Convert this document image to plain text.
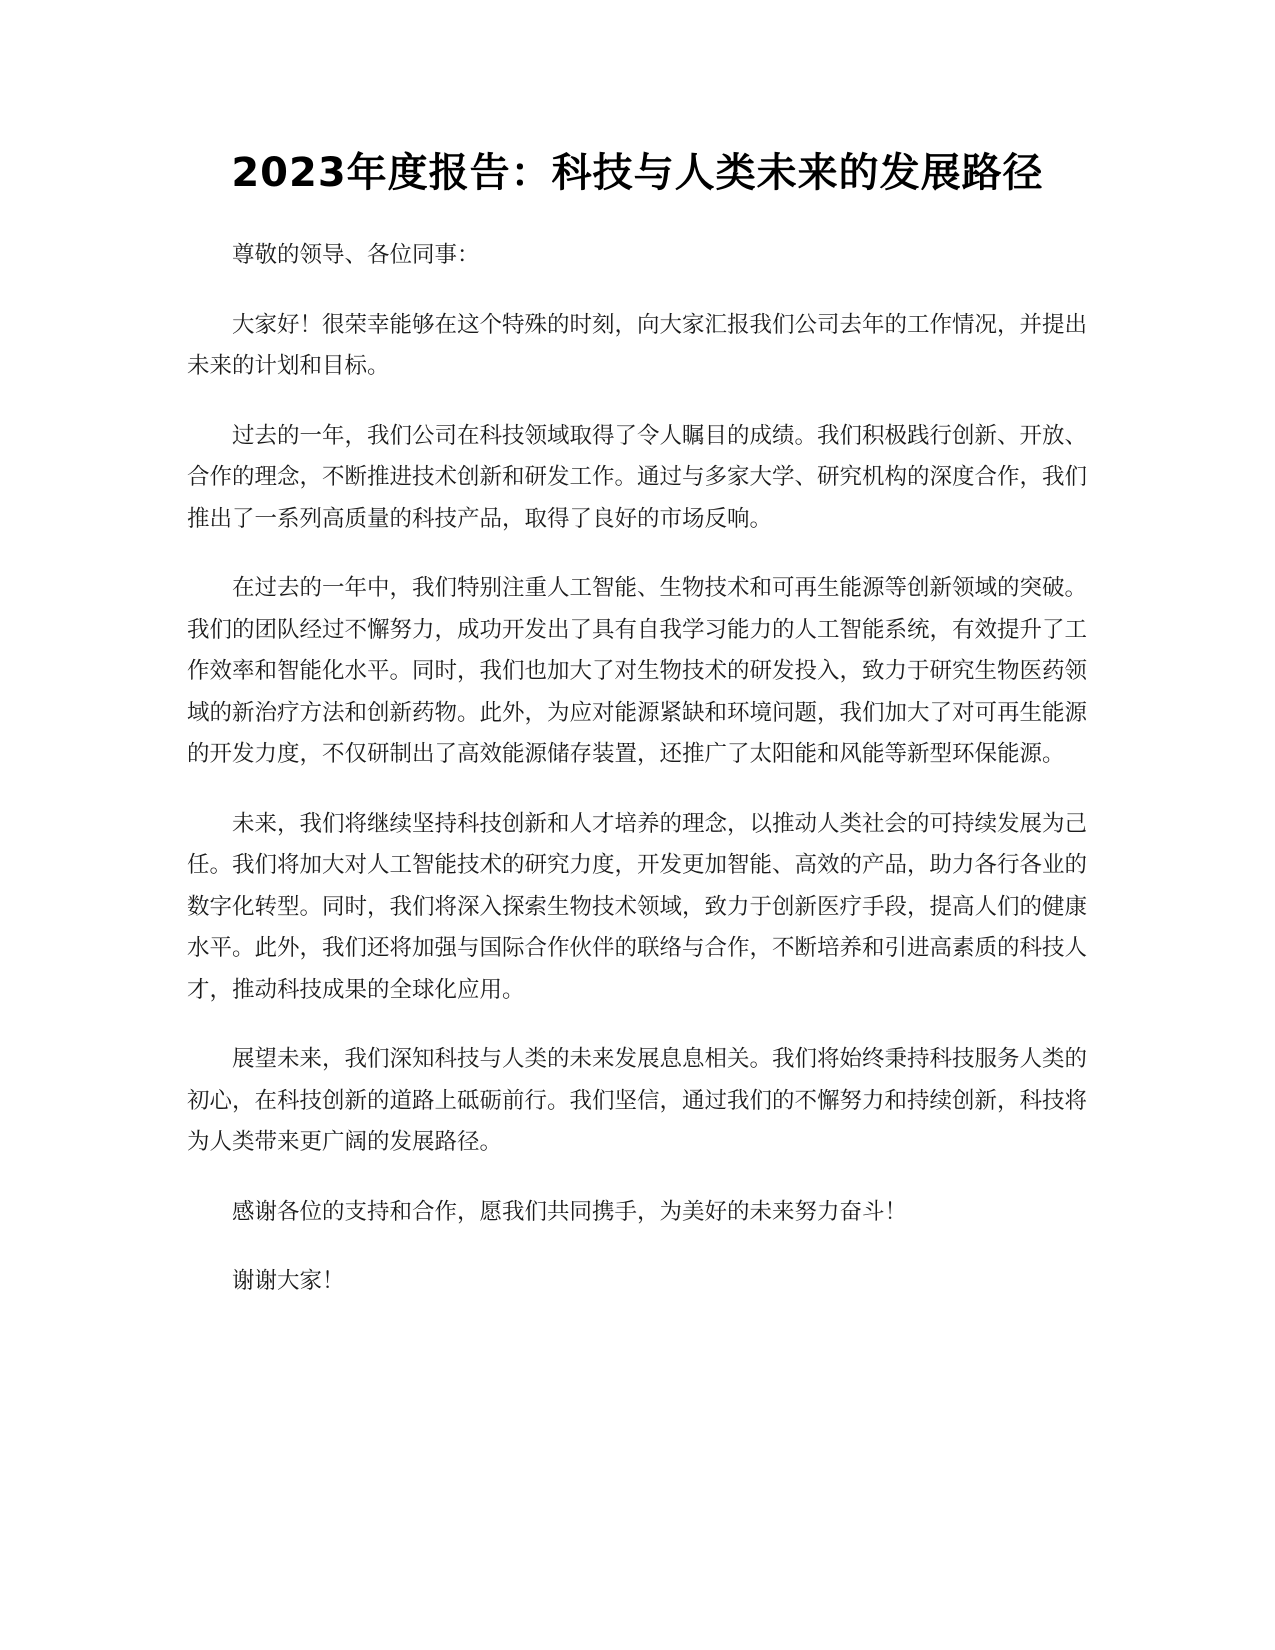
2023年度报告：科技与人类未来的发展路径

尊敬的领导、各位同事：

大家好！很荣幸能够在这个特殊的时刻，向大家汇报我们公司去年的工作情况，并提出未来的计划和目标。

过去的一年，我们公司在科技领域取得了令人瞩目的成绩。我们积极践行创新、开放、合作的理念，不断推进技术创新和研发工作。通过与多家大学、研究机构的深度合作，我们推出了一系列高质量的科技产品，取得了良好的市场反响。

在过去的一年中，我们特别注重人工智能、生物技术和可再生能源等创新领域的突破。我们的团队经过不懈努力，成功开发出了具有自我学习能力的人工智能系统，有效提升了工作效率和智能化水平。同时，我们也加大了对生物技术的研发投入，致力于研究生物医药领域的新治疗方法和创新药物。此外，为应对能源紧缺和环境问题，我们加大了对可再生能源的开发力度，不仅研制出了高效能源储存装置，还推广了太阳能和风能等新型环保能源。

未来，我们将继续坚持科技创新和人才培养的理念，以推动人类社会的可持续发展为己任。我们将加大对人工智能技术的研究力度，开发更加智能、高效的产品，助力各行各业的数字化转型。同时，我们将深入探索生物技术领域，致力于创新医疗手段，提高人们的健康水平。此外，我们还将加强与国际合作伙伴的联络与合作，不断培养和引进高素质的科技人才，推动科技成果的全球化应用。

展望未来，我们深知科技与人类的未来发展息息相关。我们将始终秉持科技服务人类的初心，在科技创新的道路上砥砺前行。我们坚信，通过我们的不懈努力和持续创新，科技将为人类带来更广阔的发展路径。

感谢各位的支持和合作，愿我们共同携手，为美好的未来努力奋斗！

谢谢大家！
